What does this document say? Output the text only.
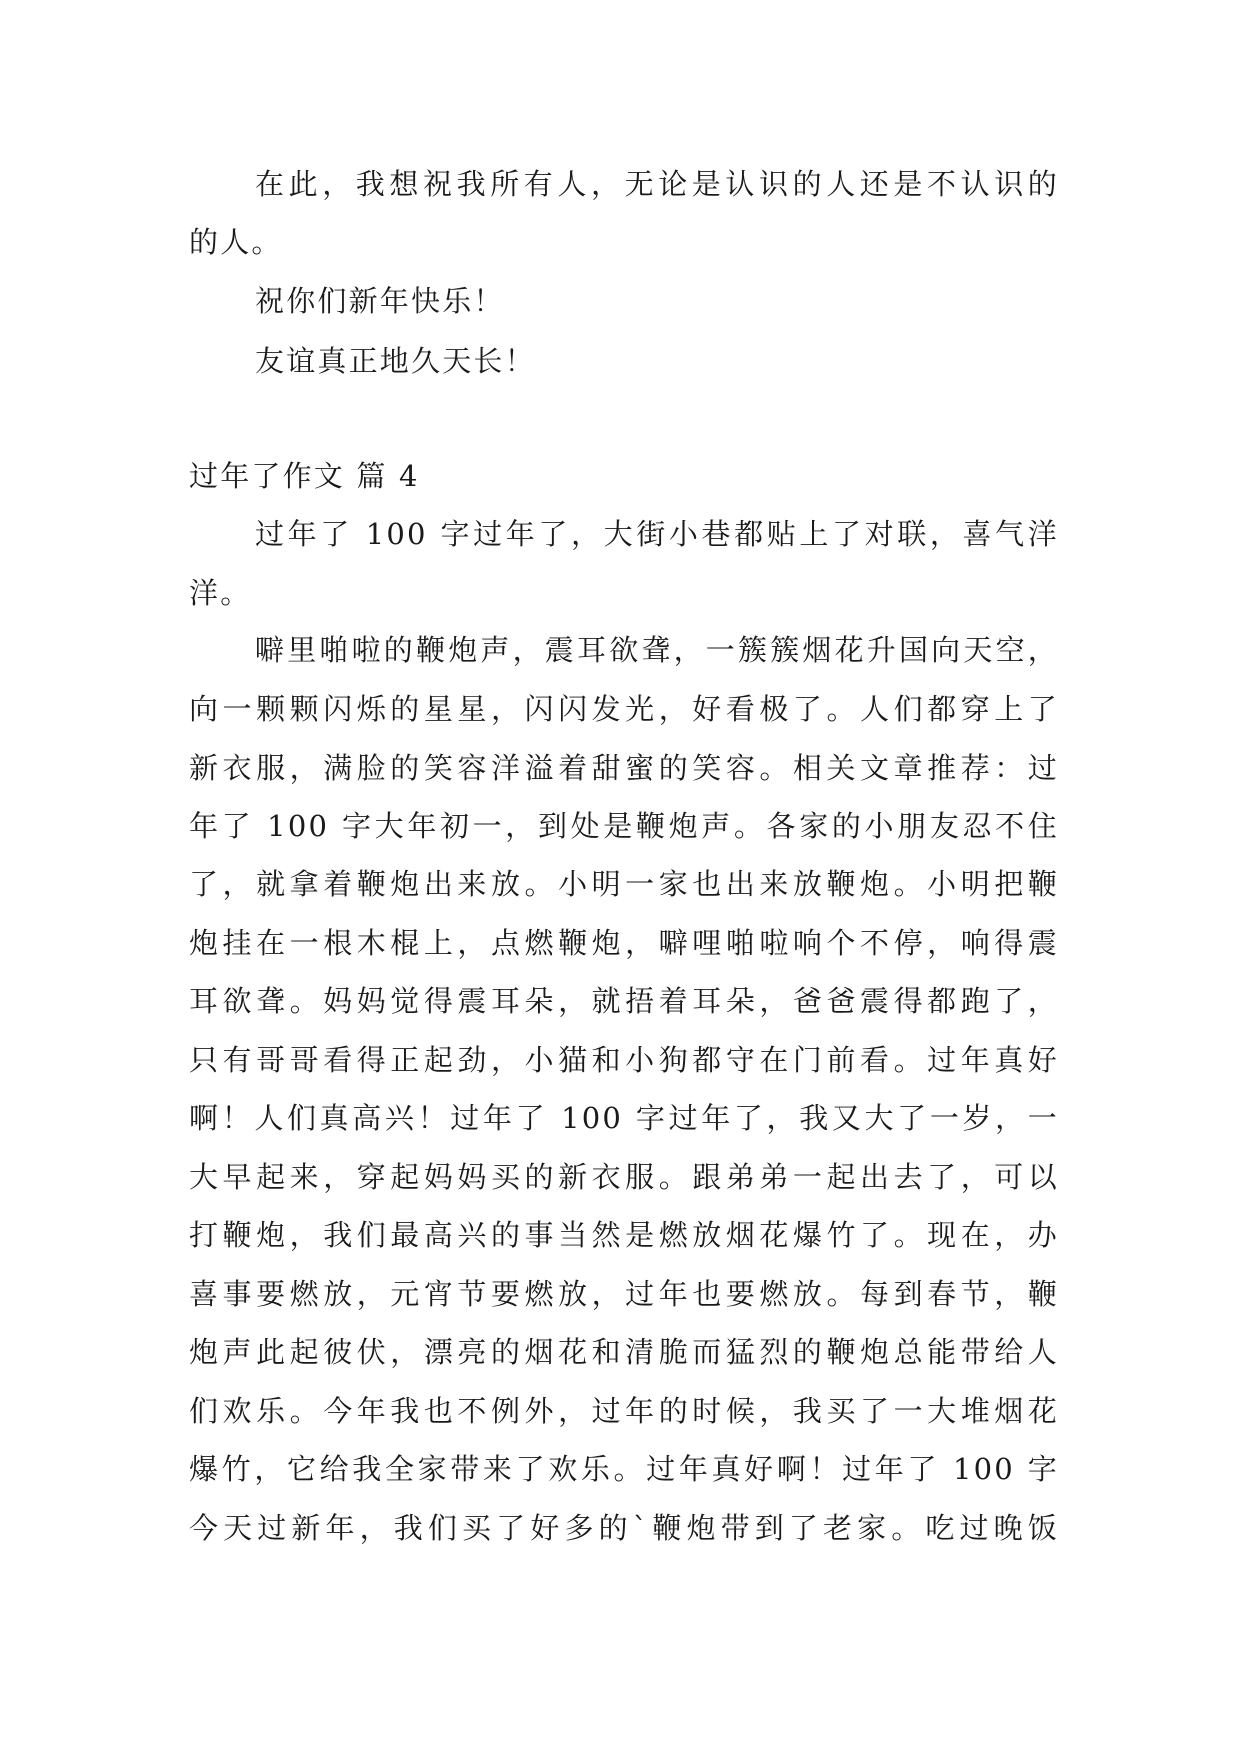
在此，我想祝我所有人，无论是认识的人还是不认识的
的人。
祝你们新年快乐！
友谊真正地久天长！
过年了作文 篇 4
过年了 100 字过年了，大街小巷都贴上了对联，喜气洋
洋。
噼里啪啦的鞭炮声，震耳欲聋，一簇簇烟花升国向天空，
向一颗颗闪烁的星星，闪闪发光，好看极了。人们都穿上了
新衣服，满脸的笑容洋溢着甜蜜的笑容。相关文章推荐：过
年了 100 字大年初一，到处是鞭炮声。各家的小朋友忍不住
了，就拿着鞭炮出来放。小明一家也出来放鞭炮。小明把鞭
炮挂在一根木棍上，点燃鞭炮，噼哩啪啦响个不停，响得震
耳欲聋。妈妈觉得震耳朵，就捂着耳朵，爸爸震得都跑了，
只有哥哥看得正起劲，小猫和小狗都守在门前看。过年真好
啊！人们真高兴！过年了 100 字过年了，我又大了一岁，一
大早起来，穿起妈妈买的新衣服。跟弟弟一起出去了，可以
打鞭炮，我们最高兴的事当然是燃放烟花爆竹了。现在，办
喜事要燃放，元宵节要燃放，过年也要燃放。每到春节，鞭
炮声此起彼伏，漂亮的烟花和清脆而猛烈的鞭炮总能带给人
们欢乐。今年我也不例外，过年的时候，我买了一大堆烟花
爆竹，它给我全家带来了欢乐。过年真好啊！过年了 100 字
今天过新年，我们买了好多的`鞭炮带到了老家。吃过晚饭
